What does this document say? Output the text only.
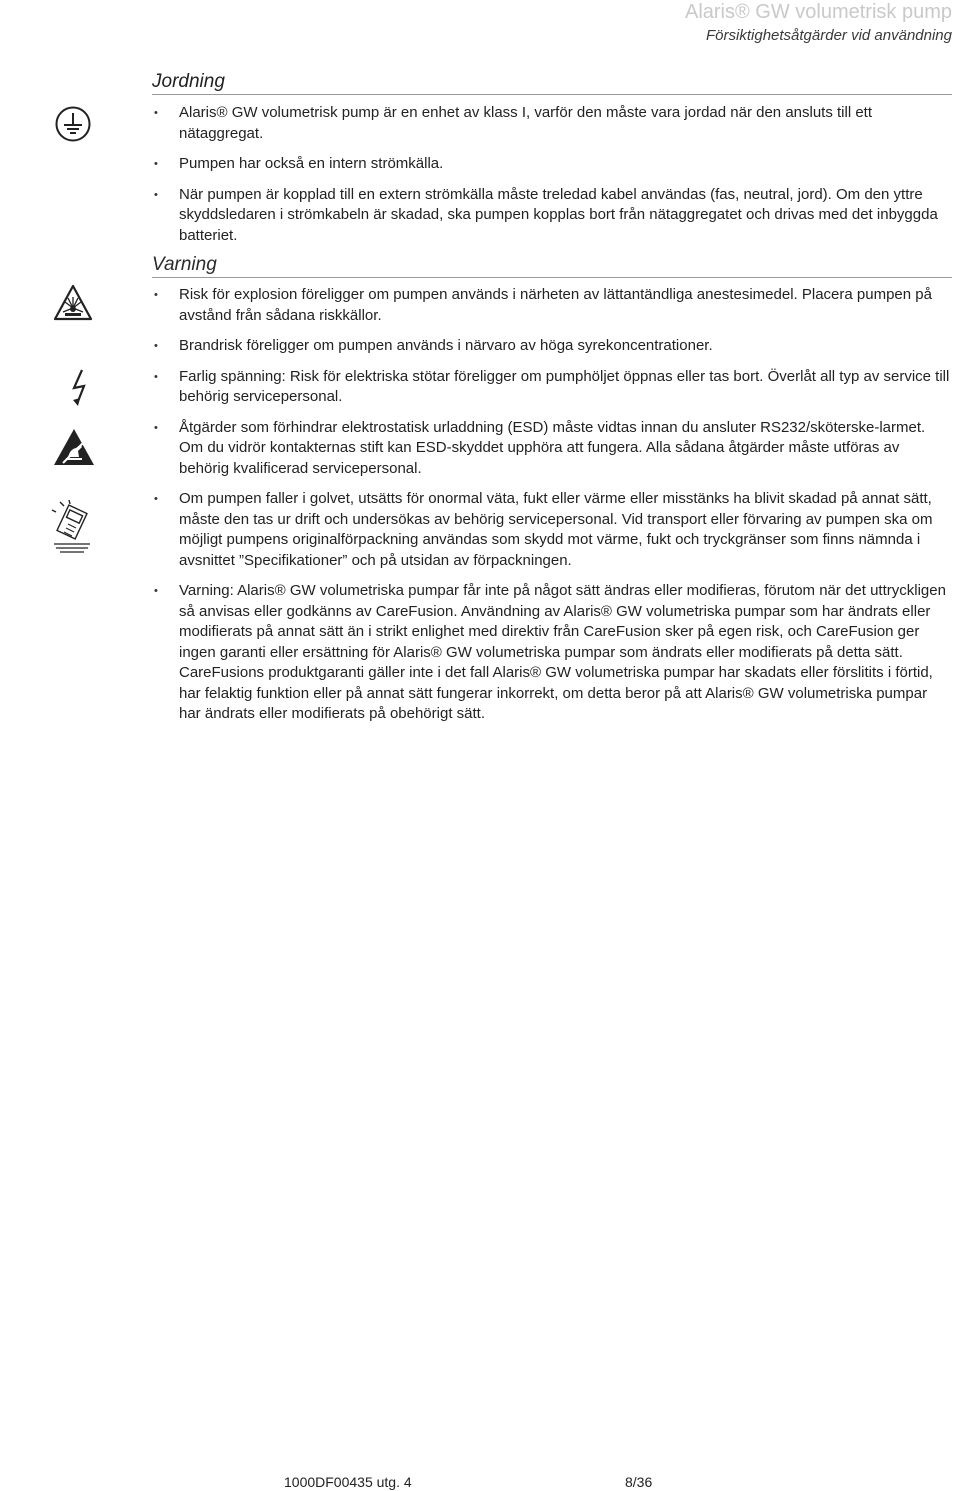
Alaris® GW volumetrisk pump
Försiktighetsåtgärder vid användning
Jordning
• Alaris® GW volumetrisk pump är en enhet av klass I, varför den måste vara jordad när den ansluts till ett nätaggregat.
• Pumpen har också en intern strömkälla.
• När pumpen är kopplad till en extern strömkälla måste treledad kabel användas (fas, neutral, jord). Om den yttre skyddsledaren i strömkabeln är skadad, ska pumpen kopplas bort från nätaggregatet och drivas med det inbyggda batteriet.
Varning
• Risk för explosion föreligger om pumpen används i närheten av lättantändliga anestesimedel. Placera pumpen på avstånd från sådana riskkällor.
• Brandrisk föreligger om pumpen används i närvaro av höga syrekoncentrationer.
• Farlig spänning: Risk för elektriska stötar föreligger om pumphöljet öppnas eller tas bort. Överlåt all typ av service till behörig servicepersonal.
• Åtgärder som förhindrar elektrostatisk urladdning (ESD) måste vidtas innan du ansluter RS232/sköterske-larmet. Om du vidrör kontakternas stift kan ESD-skyddet upphöra att fungera. Alla sådana åtgärder måste utföras av behörig kvalificerad servicepersonal.
• Om pumpen faller i golvet, utsätts för onormal väta, fukt eller värme eller misstänks ha blivit skadad på annat sätt, måste den tas ur drift och undersökas av behörig servicepersonal. Vid transport eller förvaring av pumpen ska om möjligt pumpens originalförpackning användas som skydd mot värme, fukt och tryckgränser som finns nämnda i avsnittet ”Specifikationer” och på utsidan av förpackningen.
• Varning: Alaris® GW volumetriska pumpar får inte på något sätt ändras eller modifieras, förutom när det uttryckligen så anvisas eller godkänns av CareFusion. Användning av Alaris® GW volumetriska pumpar som har ändrats eller modifierats på annat sätt än i strikt enlighet med direktiv från CareFusion sker på egen risk, och CareFusion ger ingen garanti eller ersättning för Alaris® GW volumetriska pumpar som ändrats eller modifierats på detta sätt. CareFusions produktgaranti gäller inte i det fall Alaris® GW volumetriska pumpar har skadats eller förslitits i förtid, har felaktig funktion eller på annat sätt fungerar inkorrekt, om detta beror på att Alaris® GW volumetriska pumpar har ändrats eller modifierats på obehörigt sätt.
1000DF00435 utg. 4	8/36
